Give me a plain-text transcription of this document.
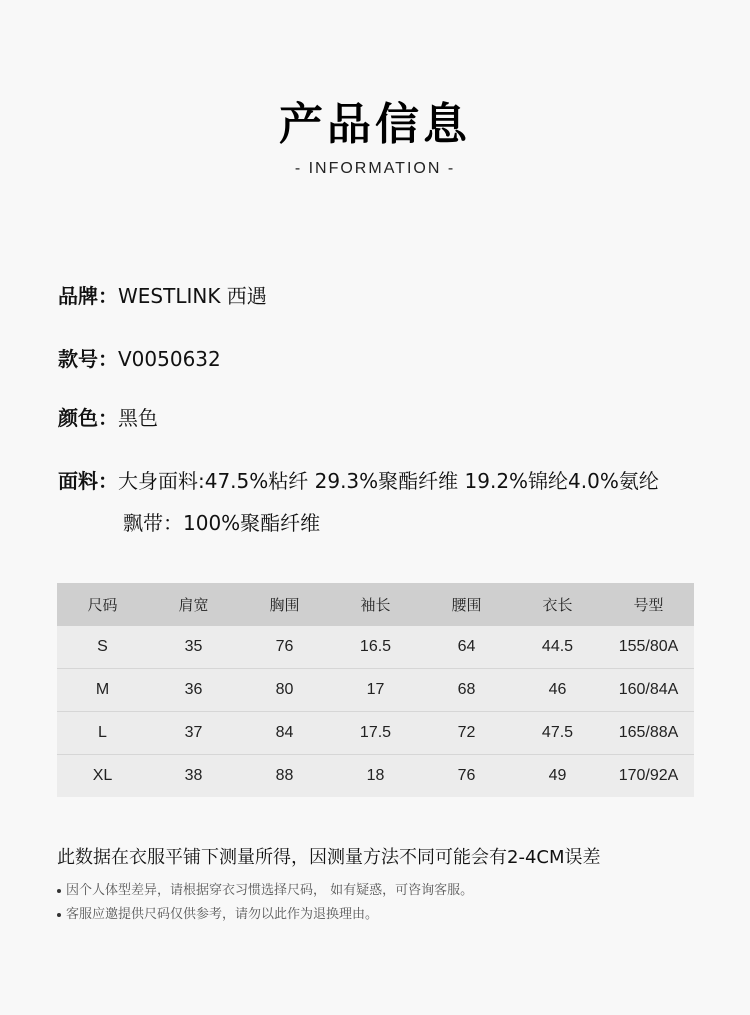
产品信息
- INFORMATION -
品牌：WESTLINK 西遇
款号：V0050632
颜色：黑色
面料：大身面料:47.5%粘纤 29.3%聚酯纤维 19.2%锦纶4.0%氨纶
飘带：100%聚酯纤维
尺码	肩宽	胸围	袖长	腰围	衣长	号型
S	35	76	16.5	64	44.5	155/80A
M	36	80	17	68	46	160/84A
L	37	84	17.5	72	47.5	165/88A
XL	38	88	18	76	49	170/92A
此数据在衣服平铺下测量所得，因测量方法不同可能会有2-4CM误差
因个人体型差异，请根据穿衣习惯选择尺码， 如有疑惑，可咨询客服。
客服应邀提供尺码仅供参考，请勿以此作为退换理由。
